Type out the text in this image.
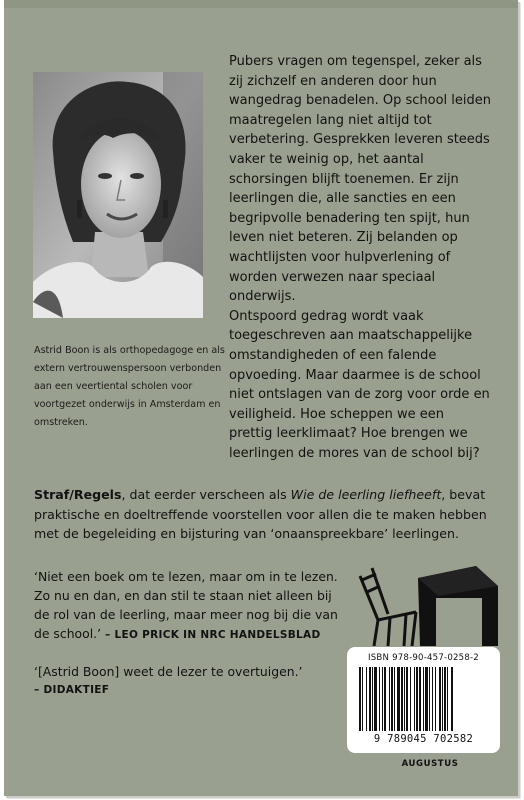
Astrid Boon is als orthopedagoge en als extern vertrouwenspersoon verbonden aan een veertiental scholen voor voortgezet onderwijs in Amsterdam en omstreken.

Pubers vragen om tegenspel, zeker als zij zichzelf en anderen door hun wangedrag benadelen. Op school leiden maatregelen lang niet altijd tot verbetering. Gesprekken leveren steeds vaker te weinig op, het aantal schorsingen blijft toenemen. Er zijn leerlingen die, alle sancties en een begripvolle benadering ten spijt, hun leven niet beteren. Zij belanden op wachtlijsten voor hulpverlening of worden verwezen naar speciaal onderwijs.

Ontspoord gedrag wordt vaak toegeschreven aan maatschappelijke omstandigheden of een falende opvoeding. Maar daarmee is de school niet ontslagen van de zorg voor orde en veiligheid. Hoe scheppen we een prettig leerklimaat? Hoe brengen we leerlingen de mores van de school bij?

Straf/Regels, dat eerder verscheen als Wie de leerling liefheeft, bevat praktische en doeltreffende voorstellen voor allen die te maken hebben met de begeleiding en bijsturing van ‘onaanspreekbare’ leerlingen.
‘Niet een boek om te lezen, maar om in te lezen. Zo nu en dan, en dan stil te staan niet alleen bij de rol van de leerling, maar meer nog bij die van de school.’ – LEO PRICK IN NRC HANDELSBLAD
‘[Astrid Boon] weet de lezer te overtuigen.’
– DIDAKTIEF
ISBN 978-90-457-0258-2
9 789045 702582
AUGUSTUS
